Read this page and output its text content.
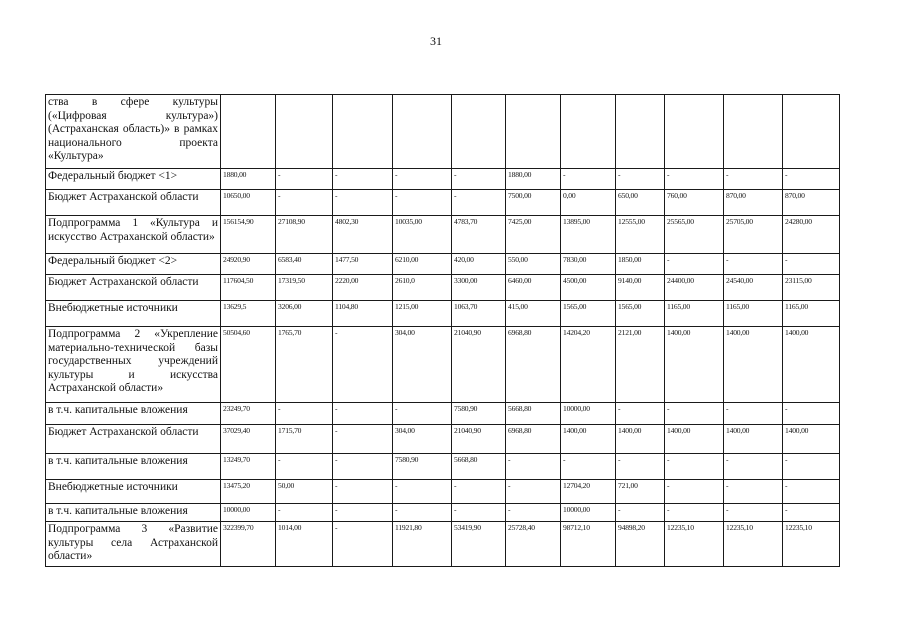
31
ства в сфере культуры («Цифровая культура») (Астраханская область)» в рамках национального проекта «Культура»											
Федеральный бюджет <1>	1880,00	-	-	-	-	1880,00	-	-	-	-	-
Бюджет Астраханской области	10650,00	-	-	-	-	7500,00	0,00	650,00	760,00	870,00	870,00
Подпрограмма 1 «Культура и искусство Астраханской области»	156154,90	27108,90	4802,30	10035,00	4783,70	7425,00	13895,00	12555,00	25565,00	25705,00	24280,00
Федеральный бюджет <2>	24920,90	6583,40	1477,50	6210,00	420,00	550,00	7830,00	1850,00	-	-	-
Бюджет Астраханской области	117604,50	17319,50	2220,00	2610,0	3300,00	6460,00	4500,00	9140,00	24400,00	24540,00	23115,00
Внебюджетные источники	13629,5	3206,00	1104,80	1215,00	1063,70	415,00	1565,00	1565,00	1165,00	1165,00	1165,00
Подпрограмма 2 «Укрепление материально-технической базы государственных учреждений культуры и искусства Астраханской области»	50504,60	1765,70	-	304,00	21040,90	6968,80	14204,20	2121,00	1400,00	1400,00	1400,00
в т.ч. капитальные вложения	23249,70	-	-	-	7580,90	5668,80	10000,00	-	-	-	-
Бюджет Астраханской области	37029,40	1715,70	-	304,00	21040,90	6968,80	1400,00	1400,00	1400,00	1400,00	1400,00
в т.ч. капитальные вложения	13249,70	-	-	7580,90	5668,80	-	-	-	-	-	-
Внебюджетные источники	13475,20	50,00	-	-	-	-	12704,20	721,00	-	-	-
в т.ч. капитальные вложения	10000,00	-	-	-	-	-	10000,00	-	-	-	-
Подпрограмма 3 «Развитие культуры села Астраханской области»	322399,70	1014,00	-	11921,80	53419,90	25728,40	98712,10	94898,20	12235,10	12235,10	12235,10
